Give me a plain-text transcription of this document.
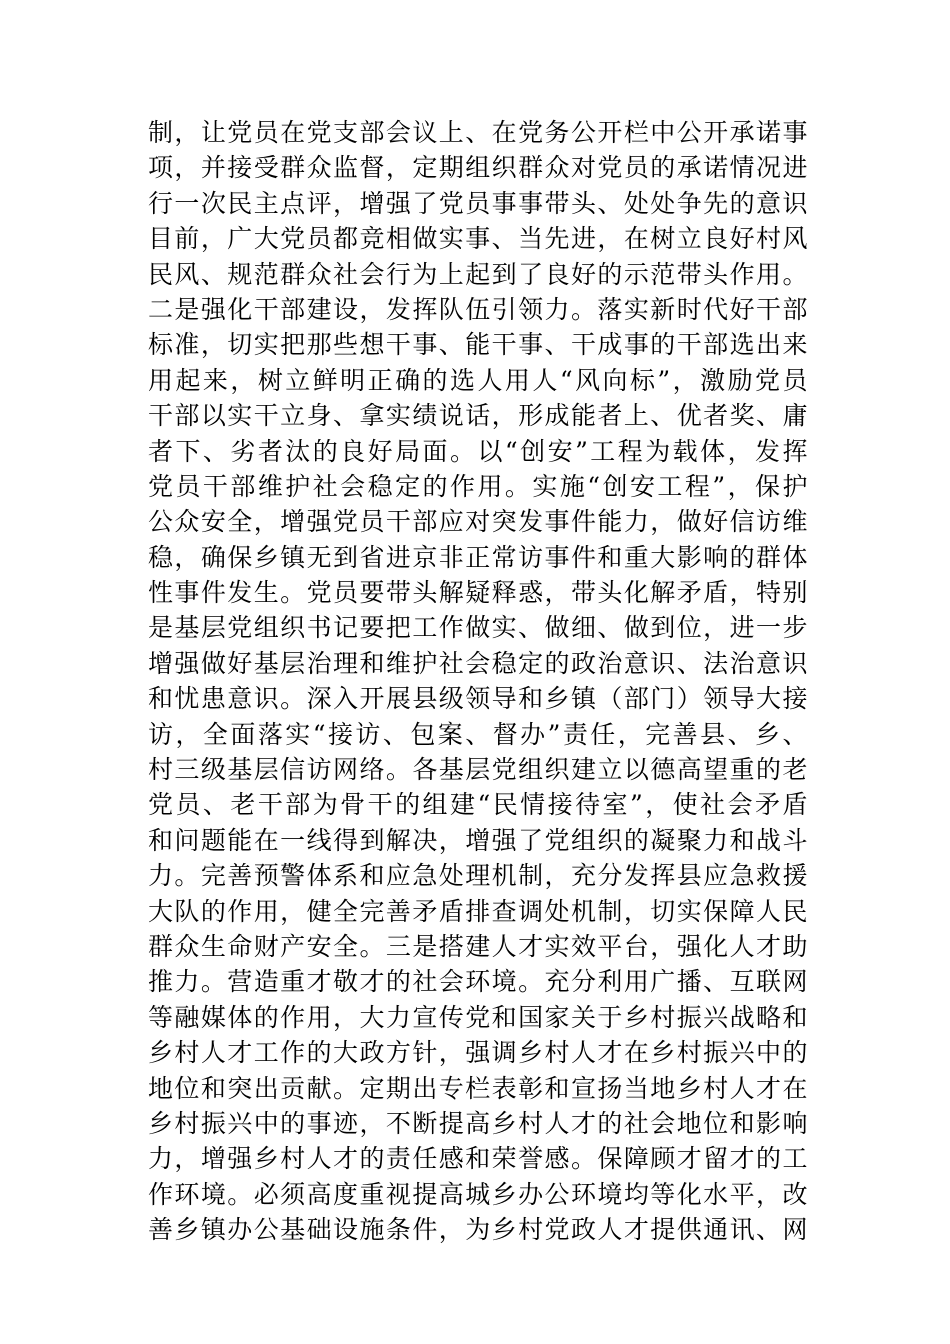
制，让党员在党支部会议上、在党务公开栏中公开承诺事
项，并接受群众监督，定期组织群众对党员的承诺情况进
行一次民主点评，增强了党员事事带头、处处争先的意识
目前，广大党员都竞相做实事、当先进，在树立良好村风
民风、规范群众社会行为上起到了良好的示范带头作用。
二是强化干部建设，发挥队伍引领力。落实新时代好干部
标准，切实把那些想干事、能干事、干成事的干部选出来
用起来，树立鲜明正确的选人用人“风向标”，激励党员
干部以实干立身、拿实绩说话，形成能者上、优者奖、庸
者下、劣者汰的良好局面。以“创安”工程为载体，发挥
党员干部维护社会稳定的作用。实施“创安工程”，保护
公众安全，增强党员干部应对突发事件能力，做好信访维
稳，确保乡镇无到省进京非正常访事件和重大影响的群体
性事件发生。党员要带头解疑释惑，带头化解矛盾，特别
是基层党组织书记要把工作做实、做细、做到位，进一步
增强做好基层治理和维护社会稳定的政治意识、法治意识
和忧患意识。深入开展县级领导和乡镇（部门）领导大接
访，全面落实“接访、包案、督办”责任，完善县、乡、
村三级基层信访网络。各基层党组织建立以德高望重的老
党员、老干部为骨干的组建“民情接待室”，使社会矛盾
和问题能在一线得到解决，增强了党组织的凝聚力和战斗
力。完善预警体系和应急处理机制，充分发挥县应急救援
大队的作用，健全完善矛盾排查调处机制，切实保障人民
群众生命财产安全。三是搭建人才实效平台，强化人才助
推力。营造重才敬才的社会环境。充分利用广播、互联网
等融媒体的作用，大力宣传党和国家关于乡村振兴战略和
乡村人才工作的大政方针，强调乡村人才在乡村振兴中的
地位和突出贡献。定期出专栏表彰和宣扬当地乡村人才在
乡村振兴中的事迹，不断提高乡村人才的社会地位和影响
力，增强乡村人才的责任感和荣誉感。保障顾才留才的工
作环境。必须高度重视提高城乡办公环境均等化水平，改
善乡镇办公基础设施条件，为乡村党政人才提供通讯、网
